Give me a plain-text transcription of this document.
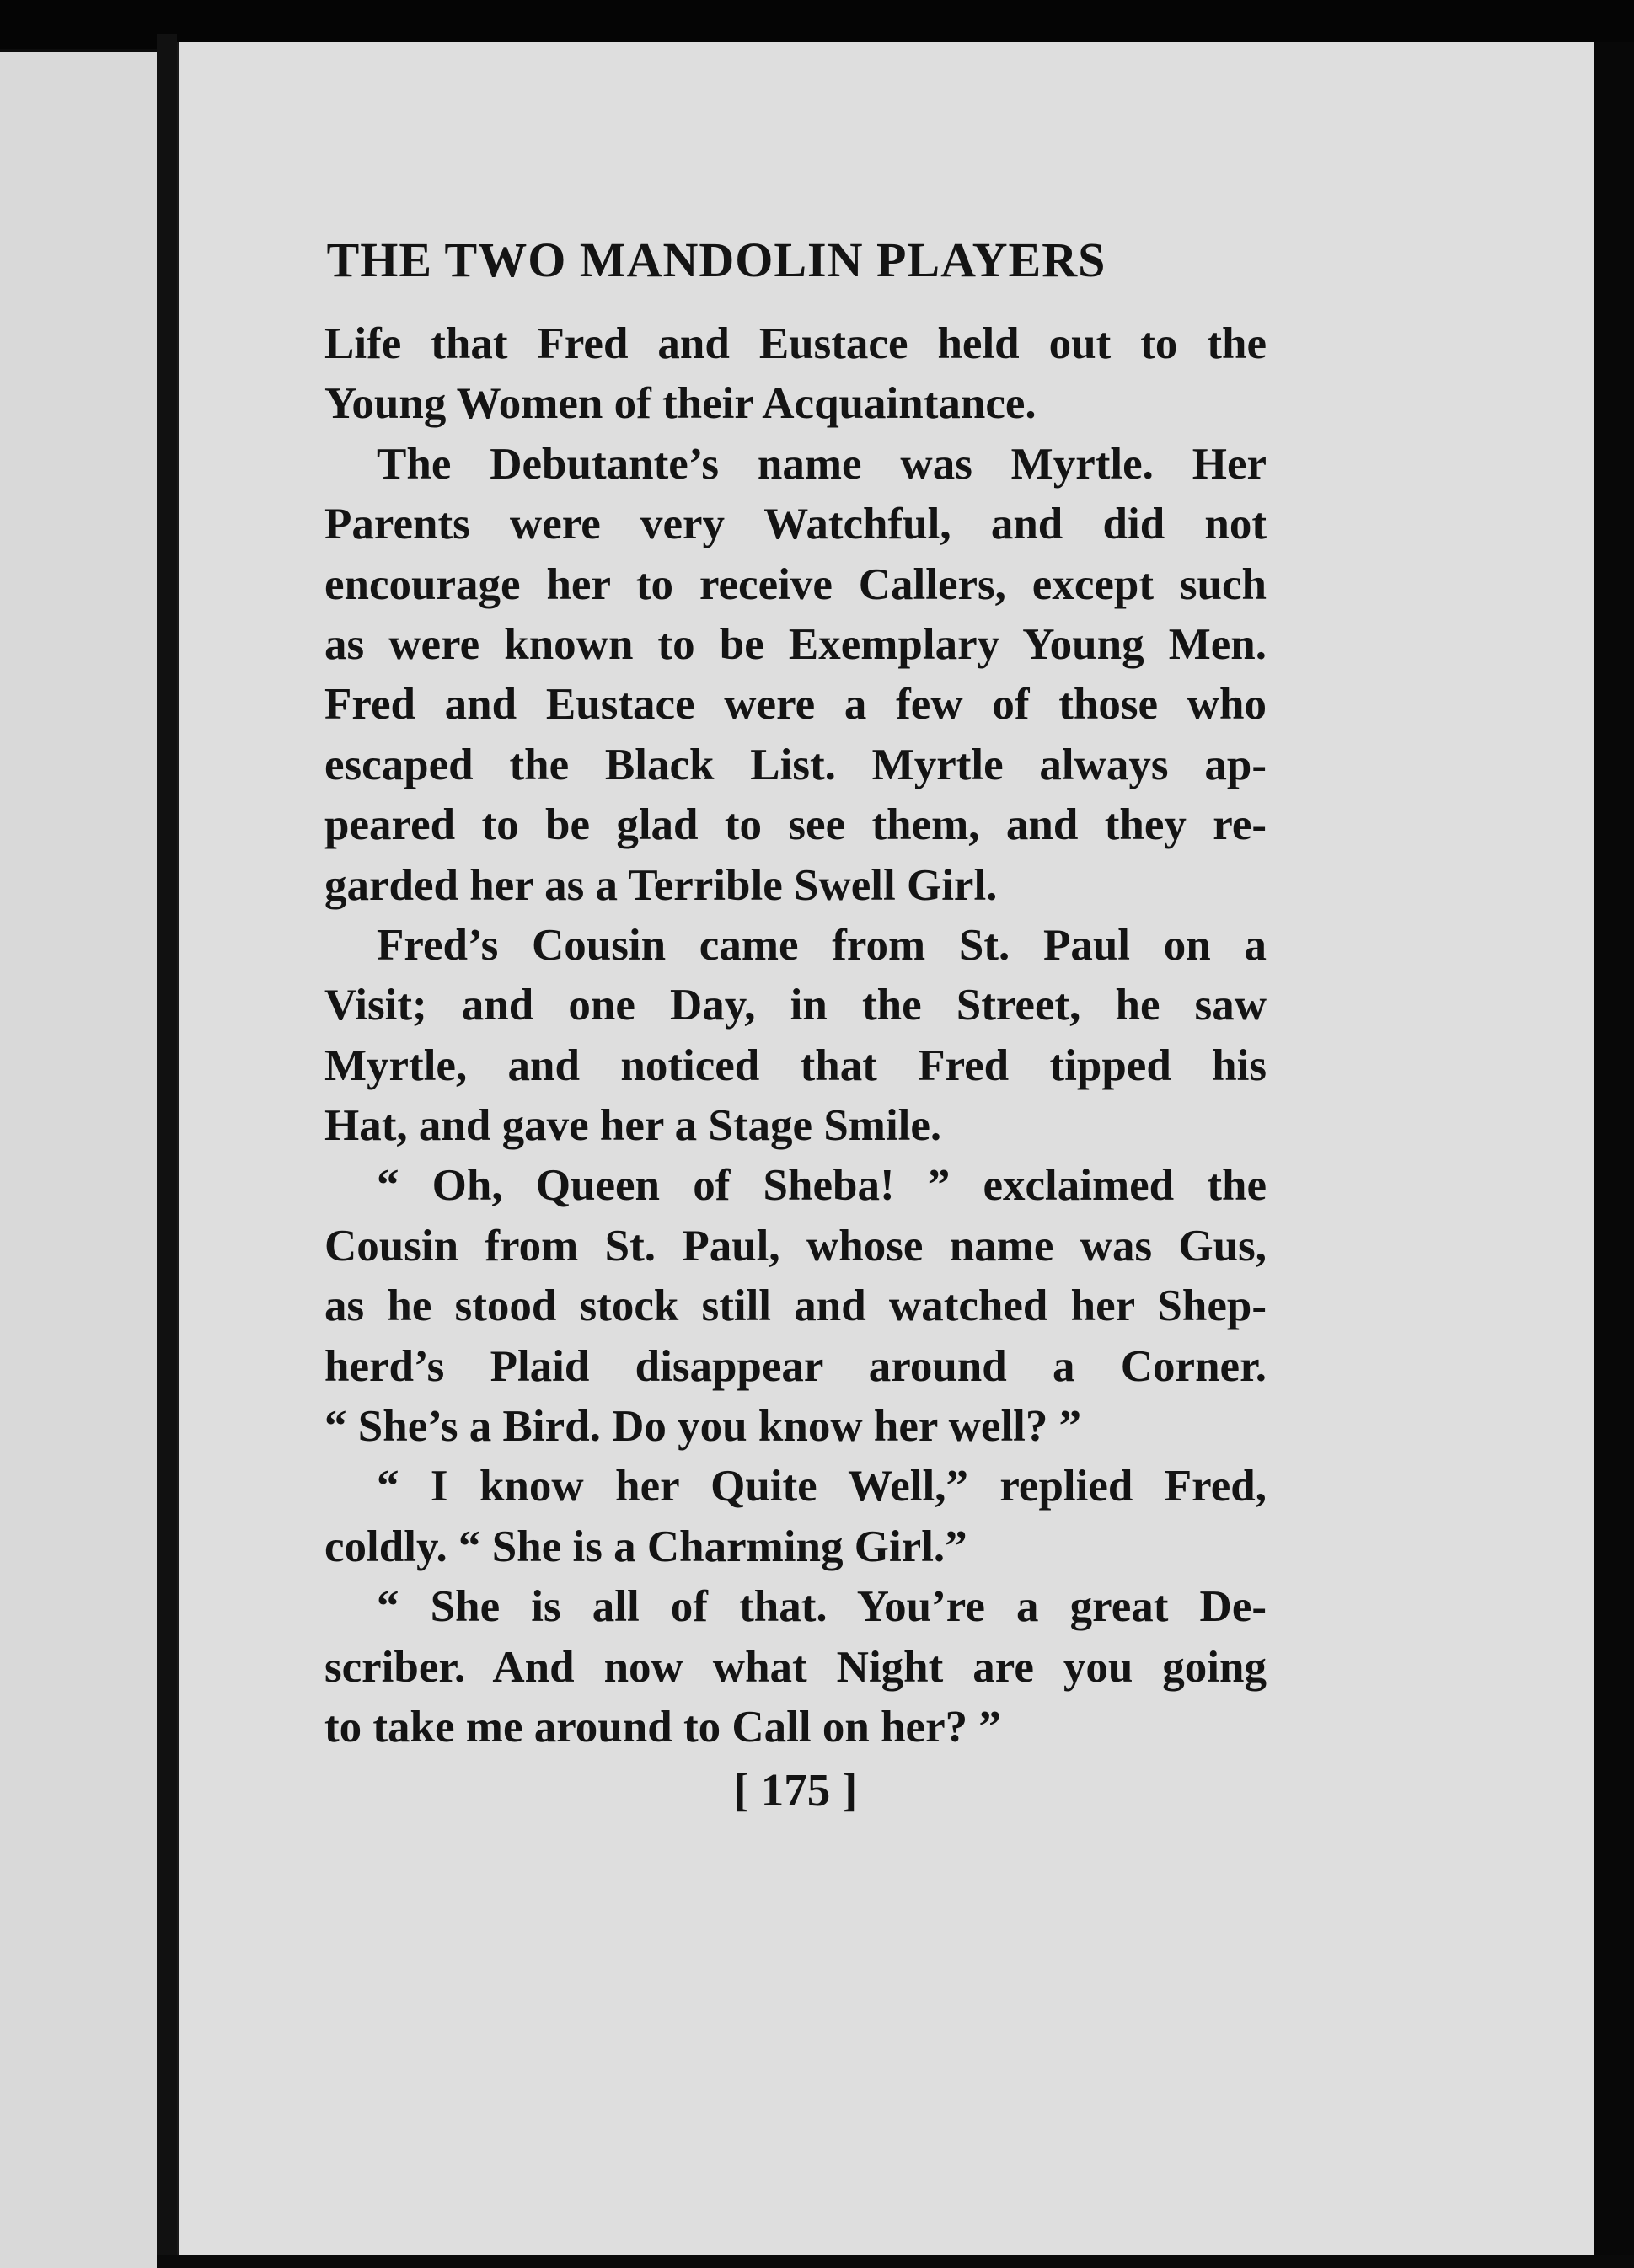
THE TWO MANDOLIN PLAYERS
Life that Fred and Eustace held out to the
Young Women of their Acquaintance.
The Debutante’s name was Myrtle. Her
Parents were very Watchful, and did not
encourage her to receive Callers, except such
as were known to be Exemplary Young Men.
Fred and Eustace were a few of those who
escaped the Black List. Myrtle always ap-
peared to be glad to see them, and they re-
garded her as a Terrible Swell Girl.
Fred’s Cousin came from St. Paul on a
Visit; and one Day, in the Street, he saw
Myrtle, and noticed that Fred tipped his
Hat, and gave her a Stage Smile.
“ Oh, Queen of Sheba! ” exclaimed the
Cousin from St. Paul, whose name was Gus,
as he stood stock still and watched her Shep-
herd’s Plaid disappear around a Corner.
“ She’s a Bird. Do you know her well? ”
“ I know her Quite Well,” replied Fred,
coldly. “ She is a Charming Girl.”
“ She is all of that. You’re a great De-
scriber. And now what Night are you going
to take me around to Call on her? ”
[ 175 ]
